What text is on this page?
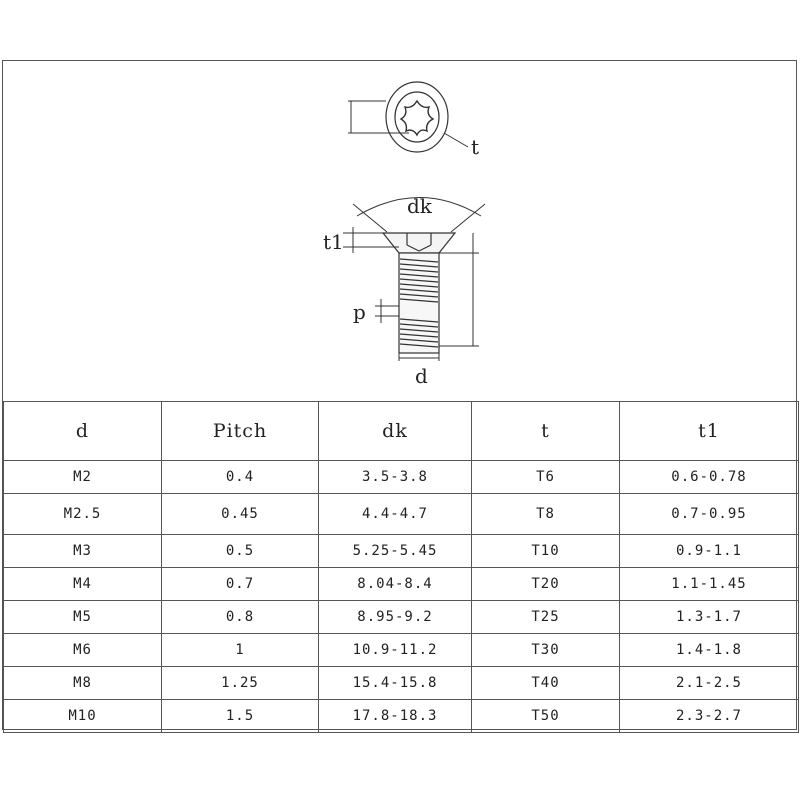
t
dk
t1
p
d
d	Pitch	dk	t	t1
M2	0.4	3.5-3.8	T6	0.6-0.78
M2.5	0.45	4.4-4.7	T8	0.7-0.95
M3	0.5	5.25-5.45	T10	0.9-1.1
M4	0.7	8.04-8.4	T20	1.1-1.45
M5	0.8	8.95-9.2	T25	1.3-1.7
M6	1	10.9-11.2	T30	1.4-1.8
M8	1.25	15.4-15.8	T40	2.1-2.5
M10	1.5	17.8-18.3	T50	2.3-2.7
